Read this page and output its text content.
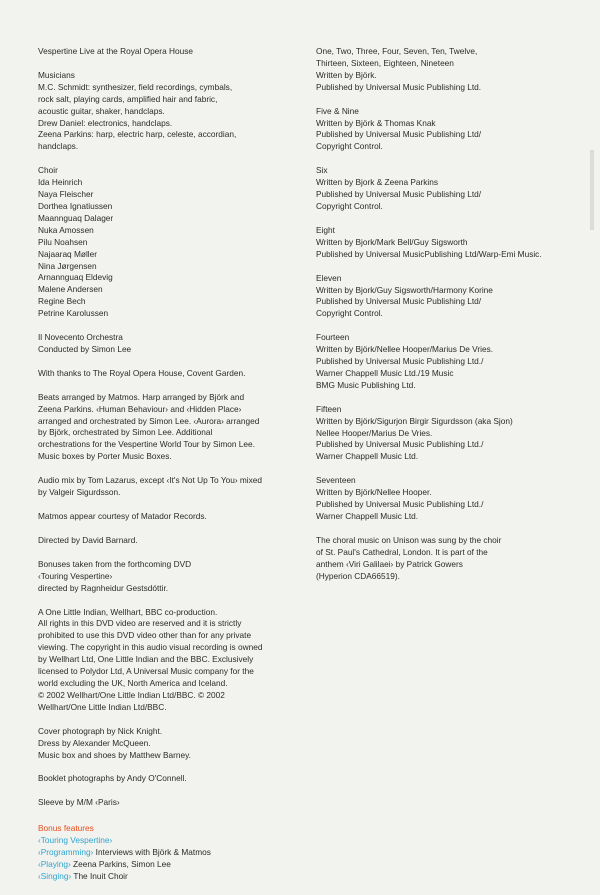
Vespertine Live at the Royal Opera House
Musicians
M.C. Schmidt: synthesizer, field recordings, cymbals,
rock salt, playing cards, amplified hair and fabric,
acoustic guitar, shaker, handclaps.
Drew Daniel: electronics, handclaps.
Zeena Parkins: harp, electric harp, celeste, accordian,
handclaps.
Choir
Ida Heinrich
Naya Fleischer
Dorthea Ignatiussen
Maannguaq Dalager
Nuka Amossen
Pilu Noahsen
Najaaraq Møller
Nina Jørgensen
Arnannguaq Eldevig
Malene Andersen
Regine Bech
Petrine Karolussen
Il Novecento Orchestra
Conducted by Simon Lee
With thanks to The Royal Opera House, Covent Garden.
Beats arranged by Matmos. Harp arranged by Björk and
Zeena Parkins. ‹Human Behaviour› and ‹Hidden Place›
arranged and orchestrated by Simon Lee. ‹Aurora› arranged
by Björk, orchestrated by Simon Lee. Additional
orchestrations for the Vespertine World Tour by Simon Lee.
Music boxes by Porter Music Boxes.
Audio mix by Tom Lazarus, except ‹It's Not Up To You› mixed
by Valgeir Sigurdsson.
Matmos appear courtesy of Matador Records.
Directed by David Barnard.
Bonuses taken from the forthcoming DVD
‹Touring Vespertine›
directed by Ragnheidur Gestsdóttir.
A One Little Indian, Wellhart, BBC co-production.
All rights in this DVD video are reserved and it is strictly
prohibited to use this DVD video other than for any private
viewing. The copyright in this audio visual recording is owned
by Wellhart Ltd, One Little Indian and the BBC. Exclusively
licensed to Polydor Ltd, A Universal Music company for the
world excluding the UK, North America and Iceland.
© 2002 Wellhart/One Little Indian Ltd/BBC. © 2002
Wellhart/One Little Indian Ltd/BBC.
Cover photograph by Nick Knight.
Dress by Alexander McQueen.
Music box and shoes by Matthew Barney.
Booklet photographs by Andy O'Connell.
Sleeve by M/M ‹Paris›
Bonus features
‹Touring Vespertine›
‹Programming› Interviews with Björk & Matmos
‹Playing› Zeena Parkins, Simon Lee
‹Singing› The Inuit Choir
One, Two, Three, Four, Seven, Ten, Twelve,
Thirteen, Sixteen, Eighteen, Nineteen
Written by Björk.
Published by Universal Music Publishing Ltd.
Five & Nine
Written by Björk & Thomas Knak
Published by Universal Music Publishing Ltd/
Copyright Control.
Six
Written by Bjork & Zeena Parkins
Published by Universal Music Publishing Ltd/
Copyright Control.
Eight
Written by Bjork/Mark Bell/Guy Sigsworth
Published by Universal MusicPublishing Ltd/Warp-Emi Music.
Eleven
Written by Bjork/Guy Sigsworth/Harmony Korine
Published by Universal Music Publishing Ltd/
Copyright Control.
Fourteen
Written by Björk/Nellee Hooper/Marius De Vries.
Published by Universal Music Publishing Ltd./
Warner Chappell Music Ltd./19 Music
BMG Music Publishing Ltd.
Fifteen
Written by Björk/Sigurjon Birgir Sigurdsson (aka Sjon)
Nellee Hooper/Marius De Vries.
Published by Universal Music Publishing Ltd./
Warner Chappell Music Ltd.
Seventeen
Written by Björk/Nellee Hooper.
Published by Universal Music Publishing Ltd./
Warner Chappell Music Ltd.
The choral music on Unison was sung by the choir
of St. Paul's Cathedral, London. It is part of the
anthem ‹Viri Galilaei› by Patrick Gowers
(Hyperion CDA66519).
